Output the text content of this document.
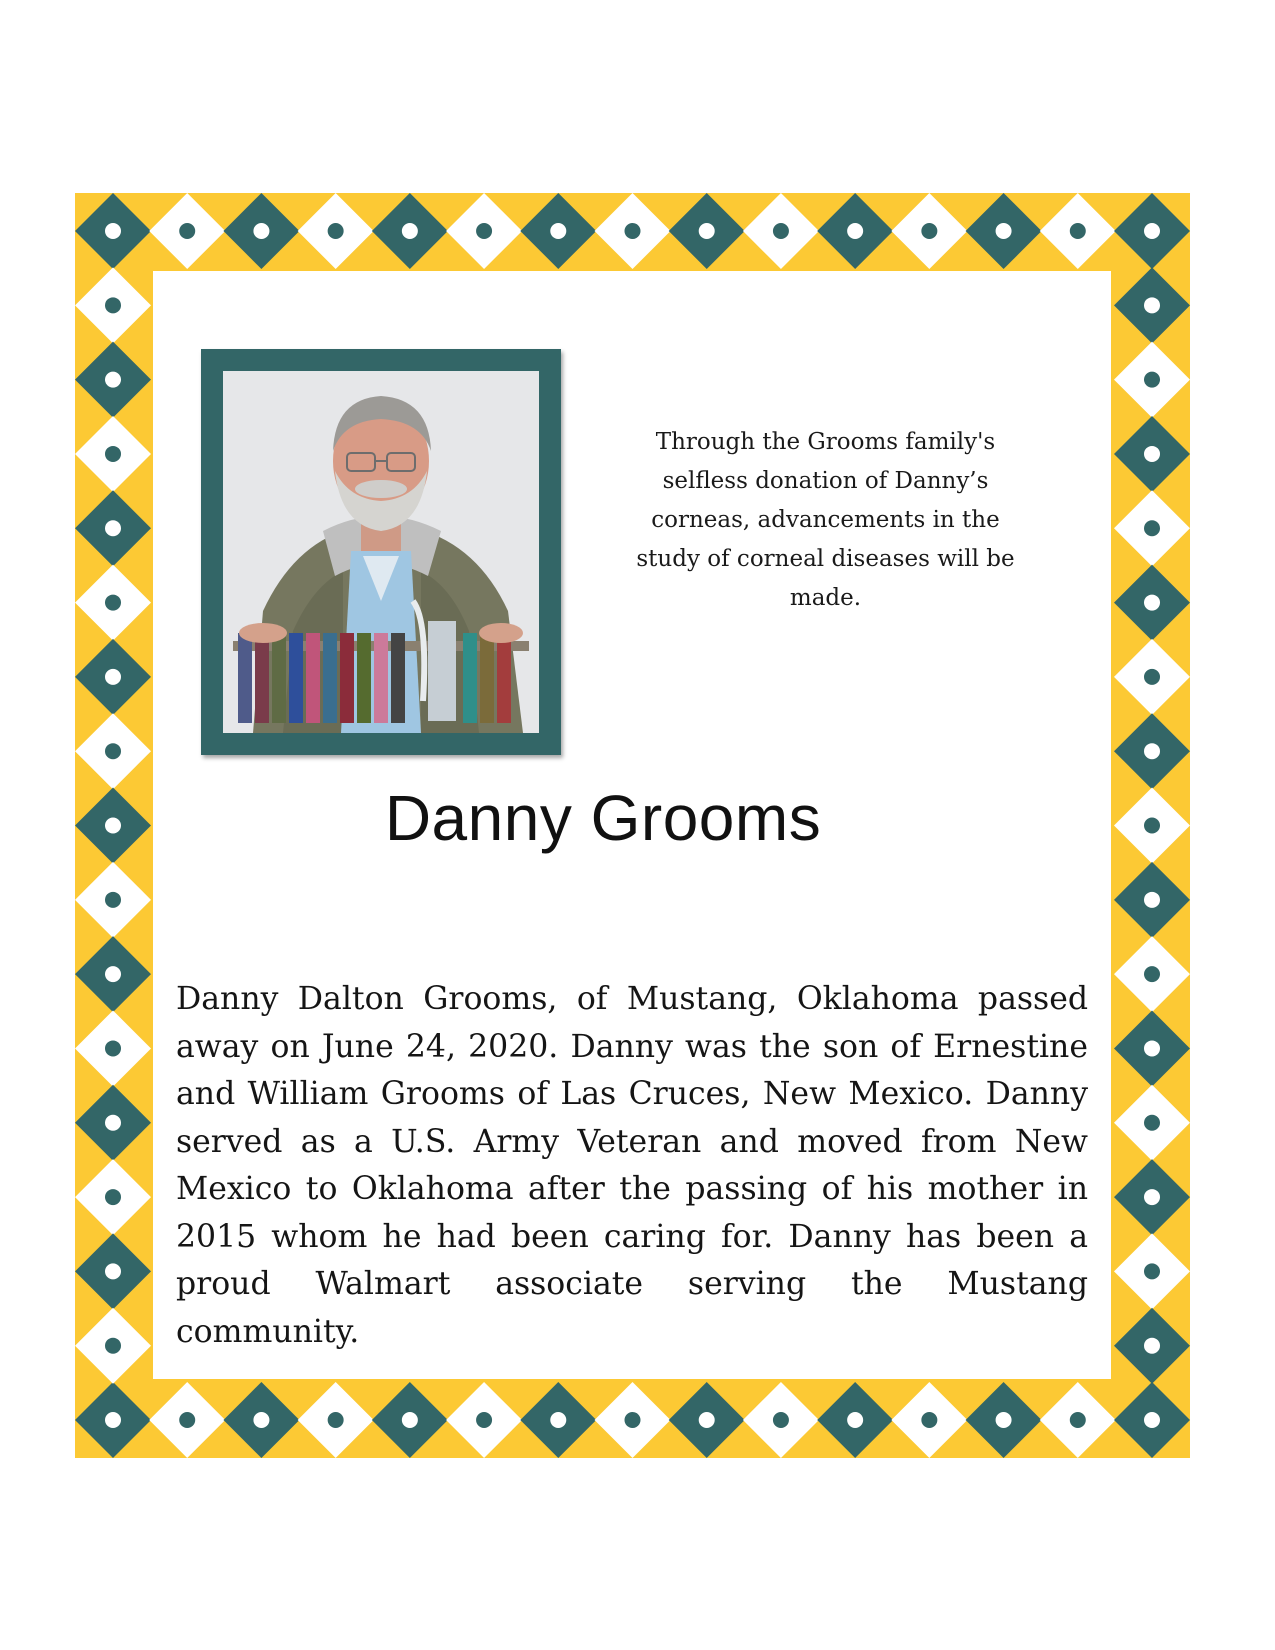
Through the Grooms family's selfless donation of Danny’s corneas, advancements in the study of corneal diseases will be made.

Danny Grooms

Danny Dalton Grooms, of Mustang, Oklahoma passed away on June 24, 2020. Danny was the son of Ernestine and William Grooms of Las Cruces, New Mexico. Danny served as a U.S. Army Veteran and moved from New Mexico to Oklahoma after the passing of his mother in 2015 whom he had been caring for. Danny has been a proud Walmart associate serving the Mustang community.
